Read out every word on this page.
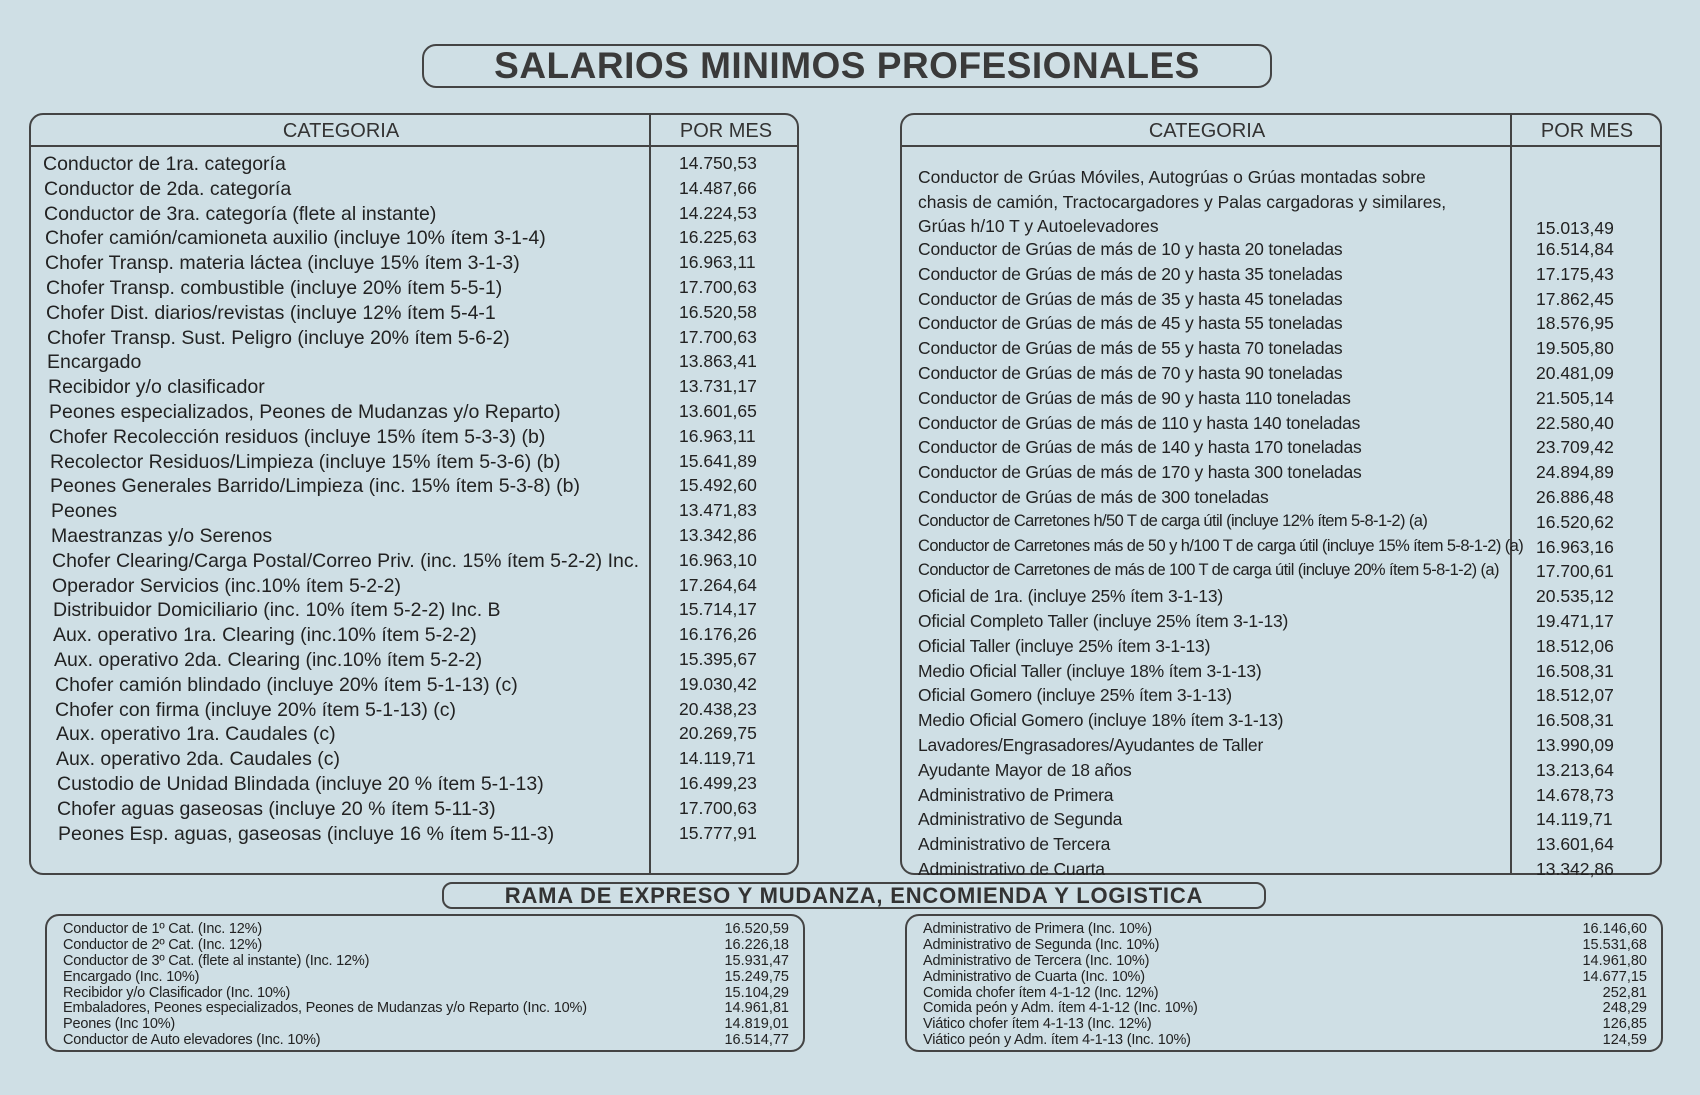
SALARIOS MINIMOS PROFESIONALES
CATEGORIA	POR MES
Conductor de 1ra. categoría	14.750,53
Conductor de 2da. categoría	14.487,66
Conductor de 3ra. categoría (flete al instante)	14.224,53
Chofer camión/camioneta auxilio (incluye 10% ítem 3-1-4)	16.225,63
Chofer Transp. materia láctea (incluye 15% ítem 3-1-3)	16.963,11
Chofer Transp. combustible (incluye 20% ítem 5-5-1)	17.700,63
Chofer Dist. diarios/revistas (incluye 12% ítem 5-4-1	16.520,58
Chofer Transp. Sust. Peligro (incluye 20% ítem 5-6-2)	17.700,63
Encargado	13.863,41
Recibidor y/o clasificador	13.731,17
Peones especializados, Peones de Mudanzas y/o Reparto)	13.601,65
Chofer Recolección residuos (incluye 15% ítem 5-3-3) (b)	16.963,11
Recolector Residuos/Limpieza (incluye 15% ítem 5-3-6) (b)	15.641,89
Peones Generales Barrido/Limpieza (inc. 15% ítem 5-3-8) (b)	15.492,60
Peones	13.471,83
Maestranzas y/o Serenos	13.342,86
Chofer Clearing/Carga Postal/Correo Priv. (inc. 15% ítem 5-2-2) Inc. 16.963,10
Operador Servicios (inc.10% ítem 5-2-2)	17.264,64
Distribuidor Domiciliario (inc. 10% ítem 5-2-2) Inc. B	15.714,17
Aux. operativo 1ra. Clearing (inc.10% ítem 5-2-2)	16.176,26
Aux. operativo 2da. Clearing (inc.10% ítem 5-2-2)	15.395,67
Chofer camión blindado (incluye 20% ítem 5-1-13) (c)	19.030,42
Chofer con firma (incluye 20% ítem 5-1-13) (c)	20.438,23
Aux. operativo 1ra. Caudales (c)	20.269,75
Aux. operativo 2da. Caudales (c)	14.119,71
Custodio de Unidad Blindada (incluye 20 % ítem 5-1-13)	16.499,23
Chofer aguas gaseosas (incluye 20 % ítem 5-11-3)	17.700,63
Peones Esp. aguas, gaseosas (incluye 16 % ítem 5-11-3)	15.777,91
CATEGORIA	POR MES
Conductor de Grúas Móviles, Autogrúas o Grúas montadas sobre
chasis de camión, Tractocargadores y Palas cargadoras y similares,
Grúas h/10 T y Autoelevadores	15.013,49
Conductor de Grúas de más de 10 y hasta 20 toneladas	16.514,84
Conductor de Grúas de más de 20 y hasta 35 toneladas	17.175,43
Conductor de Grúas de más de 35 y hasta 45 toneladas	17.862,45
Conductor de Grúas de más de 45 y hasta 55 toneladas	18.576,95
Conductor de Grúas de más de 55 y hasta 70 toneladas	19.505,80
Conductor de Grúas de más de 70 y hasta 90 toneladas	20.481,09
Conductor de Grúas de más de 90 y hasta 110 toneladas	21.505,14
Conductor de Grúas de más de 110 y hasta 140 toneladas	22.580,40
Conductor de Grúas de más de 140 y hasta 170 toneladas	23.709,42
Conductor de Grúas de más de 170 y hasta 300 toneladas	24.894,89
Conductor de Grúas de más de 300 toneladas	26.886,48
Conductor de Carretones h/50 T de carga útil (incluye 12% ítem 5-8-1-2) (a)	16.520,62
Conductor de Carretones más de 50 y h/100 T de carga útil (incluye 15% ítem 5-8-1-2) (a) 16.963,16
Conductor de Carretones de más de 100 T de carga útil (incluye 20% ítem 5-8-1-2) (a) 17.700,61
Oficial de 1ra. (incluye 25% ítem 3-1-13)	20.535,12
Oficial Completo Taller (incluye 25% ítem 3-1-13)	19.471,17
Oficial Taller (incluye 25% ítem 3-1-13)	18.512,06
Medio Oficial Taller (incluye 18% ítem 3-1-13)	16.508,31
Oficial Gomero (incluye 25% ítem 3-1-13)	18.512,07
Medio Oficial Gomero (incluye 18% ítem 3-1-13)	16.508,31
Lavadores/Engrasadores/Ayudantes de Taller	13.990,09
Ayudante Mayor de 18 años	13.213,64
Administrativo de Primera	14.678,73
Administrativo de Segunda	14.119,71
Administrativo de Tercera	13.601,64
Administrativo de Cuarta	13.342,86
RAMA DE EXPRESO Y MUDANZA, ENCOMIENDA Y LOGISTICA
Conductor de 1º Cat. (Inc. 12%)	16.520,59
Conductor de 2º Cat. (Inc. 12%)	16.226,18
Conductor de 3º Cat. (flete al instante) (Inc. 12%)	15.931,47
Encargado (Inc. 10%)	15.249,75
Recibidor y/o Clasificador (Inc. 10%)	15.104,29
Embaladores, Peones especializados, Peones de Mudanzas y/o Reparto (Inc. 10%)	14.961,81
Peones (Inc 10%)	14.819,01
Conductor de Auto elevadores (Inc. 10%)	16.514,77
Administrativo de Primera (Inc. 10%)	16.146,60
Administrativo de Segunda (Inc. 10%)	15.531,68
Administrativo de Tercera (Inc. 10%)	14.961,80
Administrativo de Cuarta (Inc. 10%)	14.677,15
Comida chofer ítem 4-1-12 (Inc. 12%)	252,81
Comida peón y Adm. ítem 4-1-12 (Inc. 10%)	248,29
Viático chofer ítem 4-1-13 (Inc. 12%)	126,85
Viático peón y Adm. ítem 4-1-13 (Inc. 10%)	124,59
